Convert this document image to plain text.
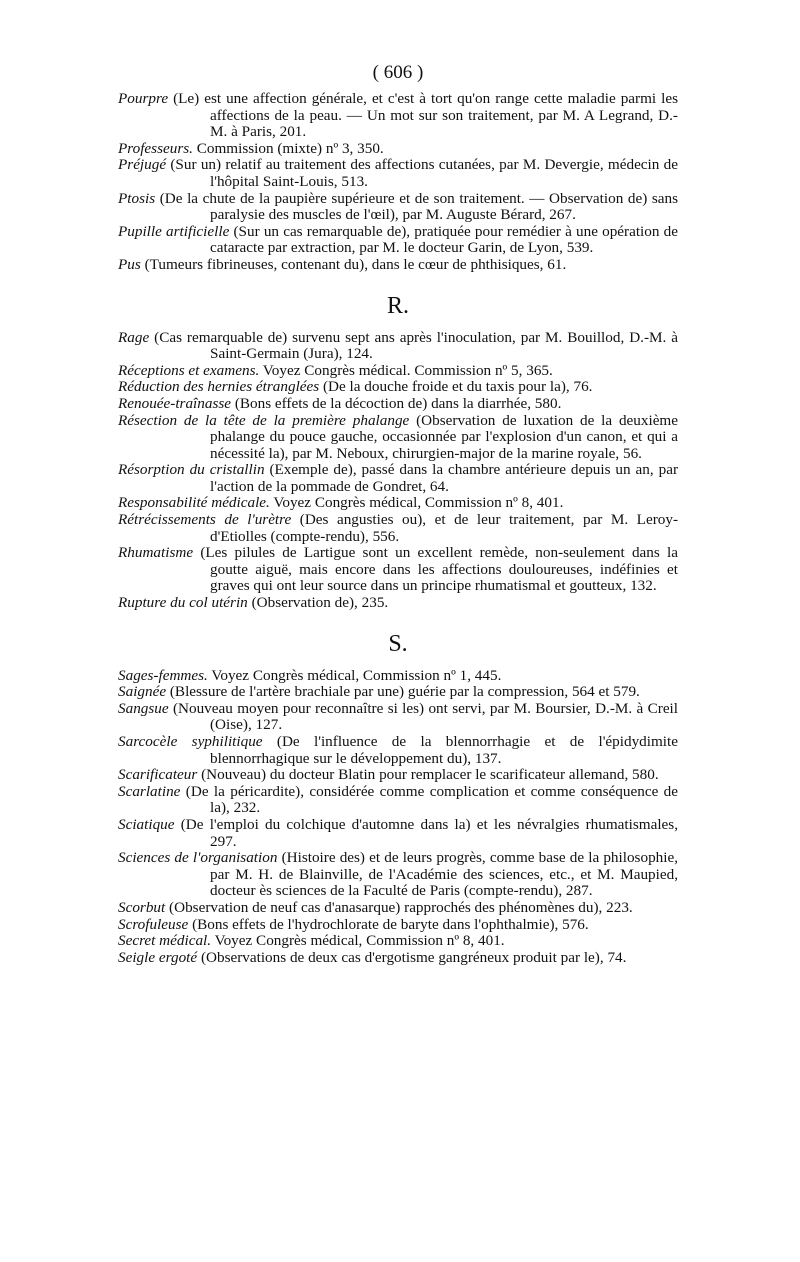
( 606 )

Pourpre (Le) est une affection générale, et c'est à tort qu'on range cette maladie parmi les affections de la peau. — Un mot sur son traitement, par M. A Legrand, D.-M. à Paris, 201.

Professeurs. Commission (mixte) nº 3, 350.

Préjugé (Sur un) relatif au traitement des affections cutanées, par M. Devergie, médecin de l'hôpital Saint-Louis, 513.

Ptosis (De la chute de la paupière supérieure et de son traitement. — Observation de) sans paralysie des muscles de l'œil), par M. Auguste Bérard, 267.

Pupille artificielle (Sur un cas remarquable de), pratiquée pour remédier à une opération de cataracte par extraction, par M. le docteur Garin, de Lyon, 539.

Pus (Tumeurs fibrineuses, contenant du), dans le cœur de phthisiques, 61.

R.

Rage (Cas remarquable de) survenu sept ans après l'inoculation, par M. Bouillod, D.-M. à Saint-Germain (Jura), 124.

Réceptions et examens. Voyez Congrès médical. Commission nº 5, 365.

Réduction des hernies étranglées (De la douche froide et du taxis pour la), 76.

Renouée-traînasse (Bons effets de la décoction de) dans la diarrhée, 580.

Résection de la tête de la première phalange (Observation de luxation de la deuxième phalange du pouce gauche, occasionnée par l'explosion d'un canon, et qui a nécessité la), par M. Neboux, chirurgien-major de la marine royale, 56.

Résorption du cristallin (Exemple de), passé dans la chambre antérieure depuis un an, par l'action de la pommade de Gondret, 64.

Responsabilité médicale. Voyez Congrès médical, Commission nº 8, 401.

Rétrécissements de l'urètre (Des angusties ou), et de leur traitement, par M. Leroy-d'Etiolles (compte-rendu), 556.

Rhumatisme (Les pilules de Lartigue sont un excellent remède, non-seulement dans la goutte aiguë, mais encore dans les affections douloureuses, indéfinies et graves qui ont leur source dans un principe rhumatismal et goutteux, 132.

Rupture du col utérin (Observation de), 235.

S.

Sages-femmes. Voyez Congrès médical, Commission nº 1, 445.

Saignée (Blessure de l'artère brachiale par une) guérie par la compression, 564 et 579.

Sangsue (Nouveau moyen pour reconnaître si les) ont servi, par M. Boursier, D.-M. à Creil (Oise), 127.

Sarcocèle syphilitique (De l'influence de la blennorrhagie et de l'épidydimite blennorrhagique sur le développement du), 137.

Scarificateur (Nouveau) du docteur Blatin pour remplacer le scarificateur allemand, 580.

Scarlatine (De la péricardite), considérée comme complication et comme conséquence de la), 232.

Sciatique (De l'emploi du colchique d'automne dans la) et les névralgies rhumatismales, 297.

Sciences de l'organisation (Histoire des) et de leurs progrès, comme base de la philosophie, par M. H. de Blainville, de l'Académie des sciences, etc., et M. Maupied, docteur ès sciences de la Faculté de Paris (compte-rendu), 287.

Scorbut (Observation de neuf cas d'anasarque) rapprochés des phénomènes du), 223.

Scrofuleuse (Bons effets de l'hydrochlorate de baryte dans l'ophthalmie), 576.

Secret médical. Voyez Congrès médical, Commission nº 8, 401.

Seigle ergoté (Observations de deux cas d'ergotisme gangréneux produit par le), 74.
